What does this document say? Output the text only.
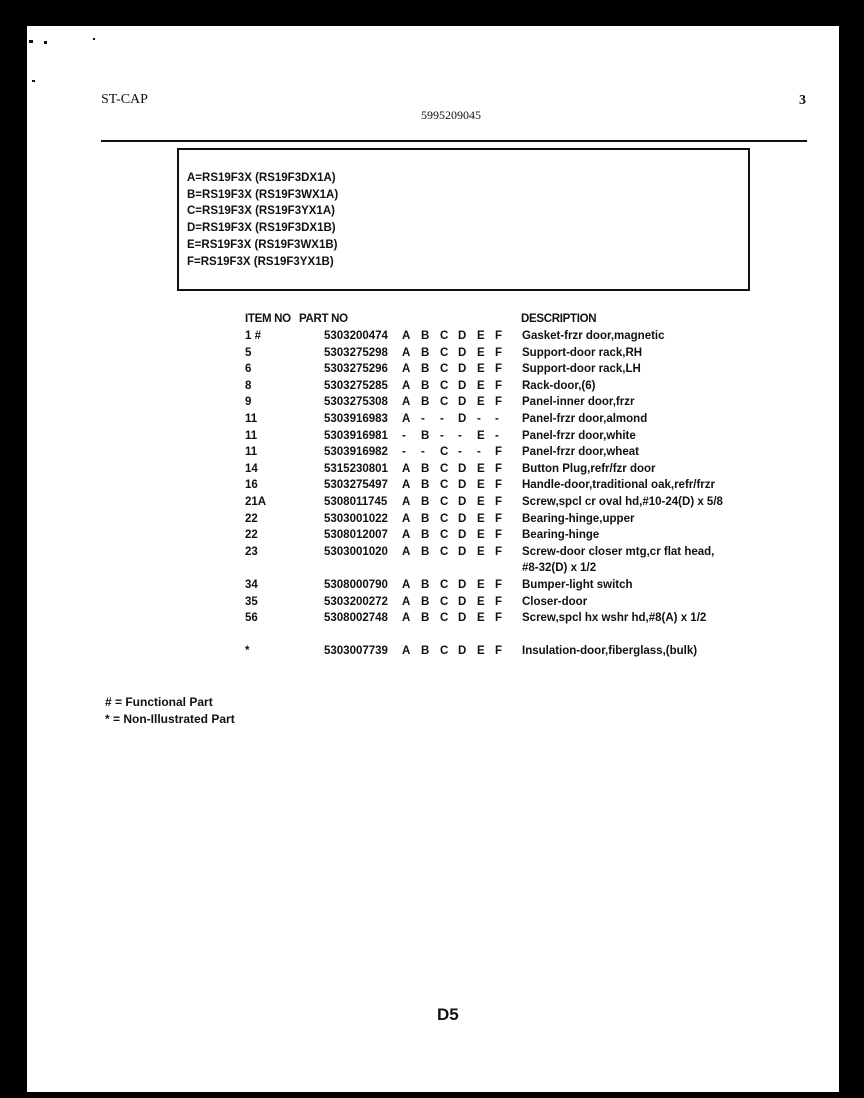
ST-CAP
5995209045
3
A=RS19F3X (RS19F3DX1A)
B=RS19F3X (RS19F3WX1A)
C=RS19F3X (RS19F3YX1A)
D=RS19F3X (RS19F3DX1B)
E=RS19F3X (RS19F3WX1B)
F=RS19F3X (RS19F3YX1B)
ITEM NO PART NO	DESCRIPTION
1 #	5303200474 A B C D E F Gasket-frzr door,magnetic
5	5303275298 A B C D E F Support-door rack,RH
6	5303275296 A B C D E F Support-door rack,LH
8	5303275285 A B C D E F Rack-door,(6)
9	5303275308 A B C D E F Panel-inner door,frzr
11	5303916983 A - - D - - Panel-frzr door,almond
11	5303916981 - B - - E - Panel-frzr door,white
11	5303916982 - - C - - F Panel-frzr door,wheat
14	5315230801 A B C D E F Button Plug,refr/fzr door
16	5303275497 A B C D E F Handle-door,traditional oak,refr/frzr
21A	5308011745 A B C D E F Screw,spcl cr oval hd,#10-24(D) x 5/8
22	5303001022 A B C D E F Bearing-hinge,upper
22	5308012007 A B C D E F Bearing-hinge
23	5303001020 A B C D E F Screw-door closer mtg,cr flat head,
#8-32(D) x 1/2
34	5308000790 A B C D E F Bumper-light switch
35	5303200272 A B C D E F Closer-door
56	5308002748 A B C D E F Screw,spcl hx wshr hd,#8(A) x 1/2
*	5303007739 A B C D E F Insulation-door,fiberglass,(bulk)
# = Functional Part
* = Non-Illustrated Part
D5
